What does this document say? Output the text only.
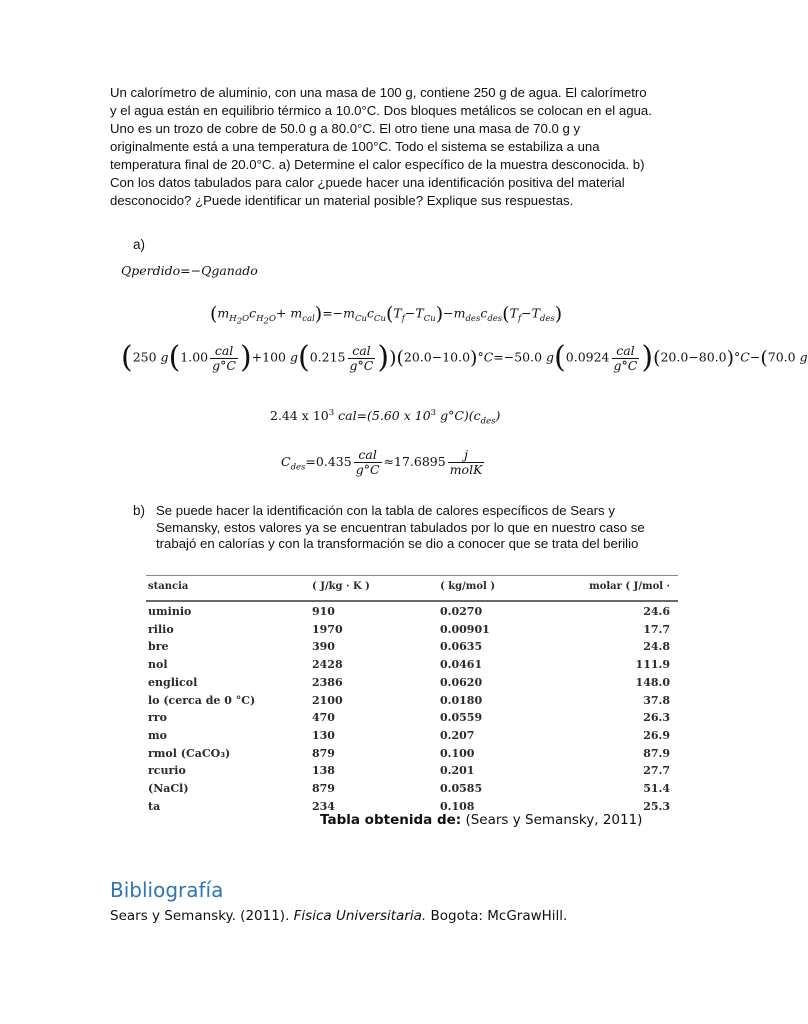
Un calorímetro de aluminio, con una masa de 100 g, contiene 250 g de agua. El calorímetro y el agua están en equilibrio térmico a 10.0°C. Dos bloques metálicos se colocan en el agua. Uno es un trozo de cobre de 50.0 g a 80.0°C. El otro tiene una masa de 70.0 g y originalmente está a una temperatura de 100°C. Todo el sistema se estabiliza a una temperatura final de 20.0°C. a) Determine el calor específico de la muestra desconocida. b) Con los datos tabulados para calor ¿puede hacer una identificación positiva del material desconocido? ¿Puede identificar un material posible? Explique sus respuestas.

a)
Qperdido=−Qganado
$(m_{H_2O}c_{H_2O}+ m_{cal})=-m_{Cu}c_{Cu}(T_f-T_{Cu})-m_{des}c_{des}(T_f-T_{des})$
(250 $g(1.00 \frac{\text{cal}}{g^\circ C} )+100$ $g(0.215 \frac{\text{cal}}{g^\circ C} ))(20.0-10.0)^\circ C=-50.0$ $g(0.0924 \frac{\text{cal}}{g^\circ C} )(20.0-80.0)^\circ C-(70.0$ g
2.44 x $10^3$ cal=(5.60 x $10^3$ $g^\circ C)(c_{des})$
$C_{des}=0.435 \frac{\text{cal}}{g^\circ C} \approx 17.6895 \frac{j}{\text{molK}}$
b) Se puede hacer la identificación con la tabla de calores específicos de Sears y Semansky, estos valores ya se encuentran tabulados por lo que en nuestro caso se trabajó en calorías y con la transformación se dio a conocer que se trata del berilio

stancia	( J/kg · K )	( kg/mol )	molar ( J/mol ·
uminio	910	0.0270	24.6
rilio	1970	0.00901	17.7
bre	390	0.0635	24.8
nol	2428	0.0461	111.9
englicol	2386	0.0620	148.0
lo (cerca de 0 °C)	2100	0.0180	37.8
rro	470	0.0559	26.3
mo	130	0.207	26.9
rmol (CaCO₃)	879	0.100	87.9
rcurio	138	0.201	27.7
(NaCl)	879	0.0585	51.4
ta	234	0.108	25.3
Tabla obtenida de: (Sears y Semansky, 2011)
Bibliografía
Sears y Semansky. (2011). Fisica Universitaria. Bogota: McGrawHill.
